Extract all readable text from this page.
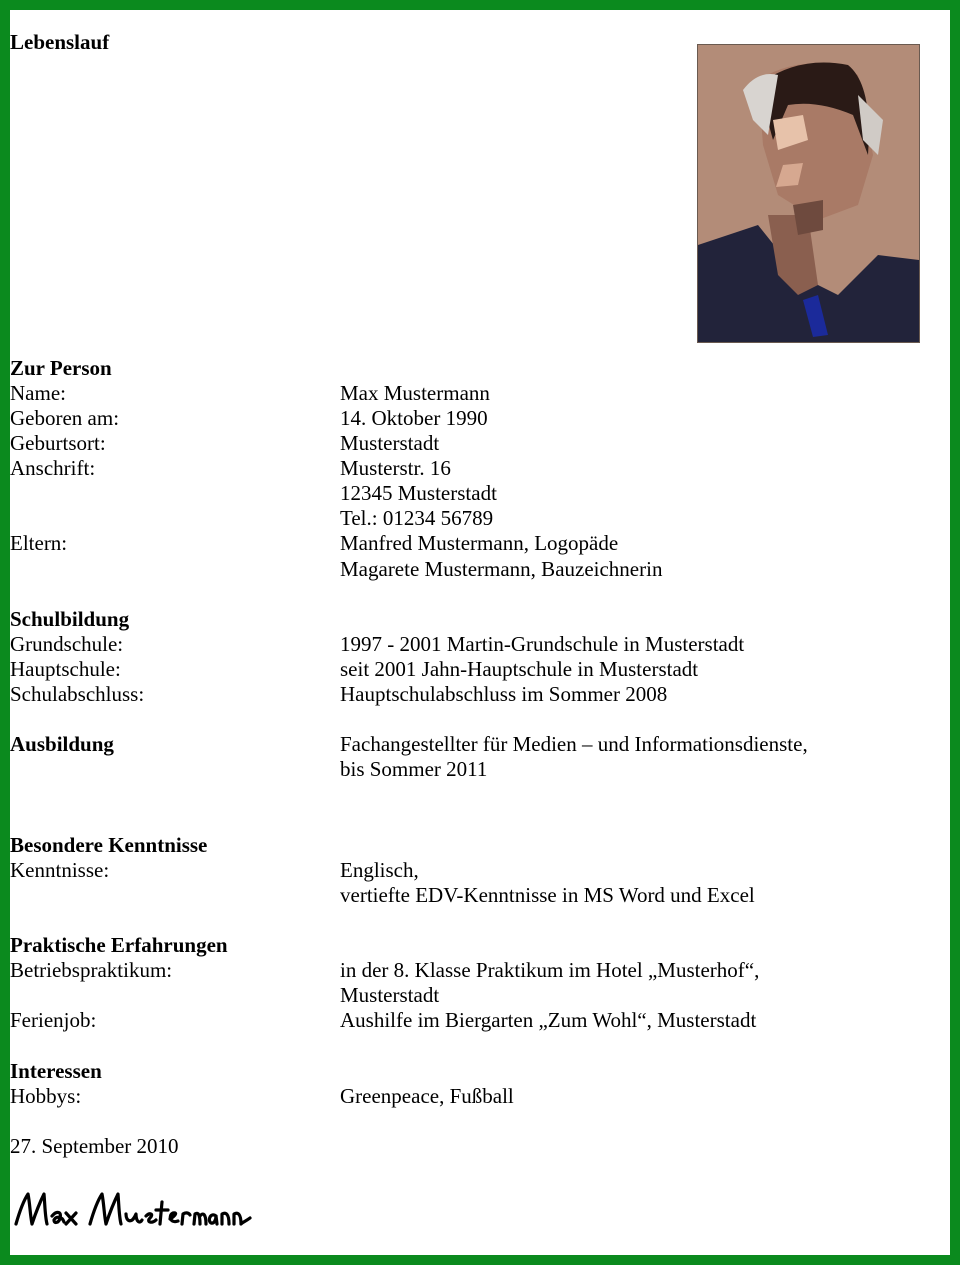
Lebenslauf
Zur Person
Name:	Max Mustermann
Geboren am:	14. Oktober 1990
Geburtsort:	Musterstadt
Anschrift:	Musterstr. 16
12345 Musterstadt
Tel.: 01234 56789
Eltern:	Manfred Mustermann, Logopäde
Magarete Mustermann, Bauzeichnerin
Schulbildung
Grundschule:	1997 - 2001 Martin-Grundschule in Musterstadt
Hauptschule:	seit 2001 Jahn-Hauptschule in Musterstadt
Schulabschluss:	Hauptschulabschluss im Sommer 2008
Ausbildung	Fachangestellter für Medien – und Informationsdienste,
bis Sommer 2011
Besondere Kenntnisse
Kenntnisse:	Englisch,
vertiefte EDV-Kenntnisse in MS Word und Excel
Praktische Erfahrungen
Betriebspraktikum:	in der 8. Klasse Praktikum im Hotel „Musterhof“,
Musterstadt
Ferienjob:	Aushilfe im Biergarten „Zum Wohl“, Musterstadt
Interessen
Hobbys:	Greenpeace, Fußball
27. September 2010
